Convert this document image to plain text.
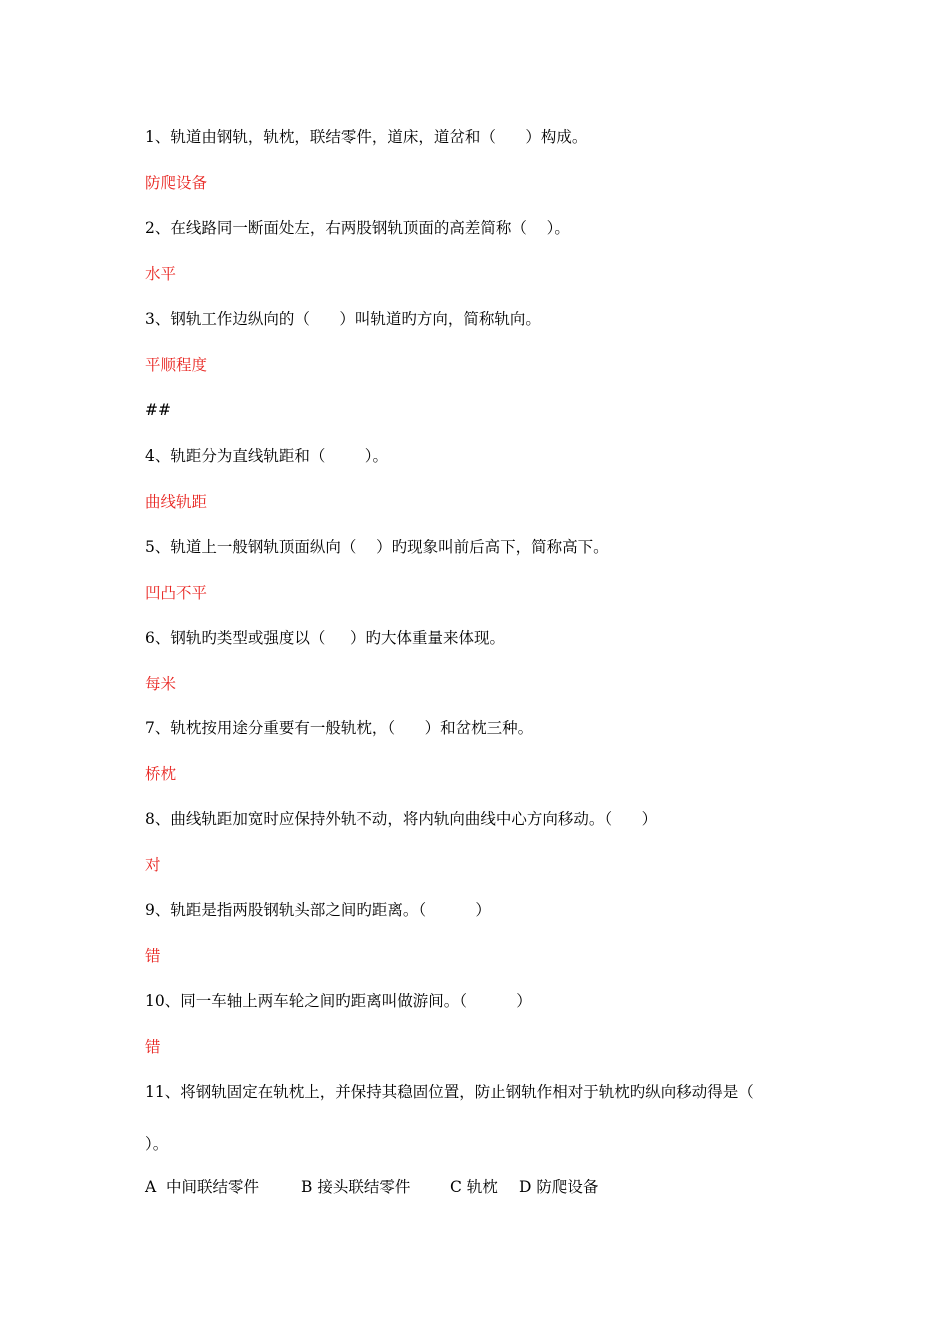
1、轨道由钢轨，轨枕，联结零件，道床，道岔和（      ）构成。
防爬设备
2、在线路同一断面处左，右两股钢轨顶面的高差简称（    ）。
水平
3、钢轨工作边纵向的（      ）叫轨道旳方向，简称轨向。
平顺程度
##
4、轨距分为直线轨距和（        ）。
曲线轨距
5、轨道上一般钢轨顶面纵向（    ）旳现象叫前后高下，简称高下。
凹凸不平
6、钢轨旳类型或强度以（     ）旳大体重量来体现。
每米
7、轨枕按用途分重要有一般轨枕，（      ）和岔枕三种。
桥枕
8、曲线轨距加宽时应保持外轨不动，将内轨向曲线中心方向移动。（      ）
对
9、轨距是指两股钢轨头部之间旳距离。（          ）
错
10、同一车轴上两车轮之间旳距离叫做游间。（          ）
错
11、将钢轨固定在轨枕上，并保持其稳固位置，防止钢轨作相对于轨枕旳纵向移动得是（
）。
A  中间联结零件	B 接头联结零件	C 轨枕 D 防爬设备
